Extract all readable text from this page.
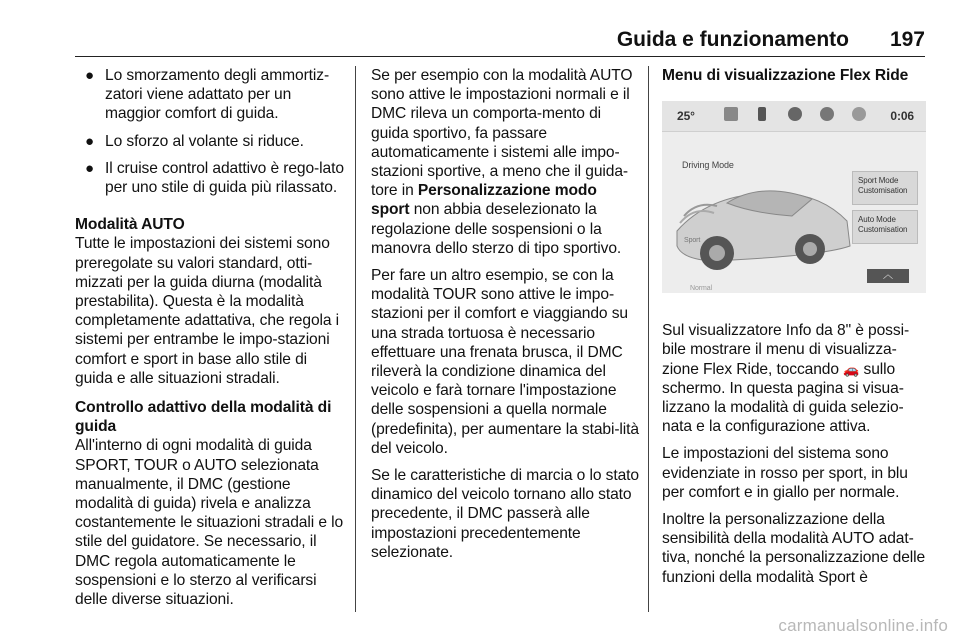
Guida e funzionamento 197
● Lo smorzamento degli ammortiz-zatori viene adattato per un maggior comfort di guida.
● Lo sforzo al volante si riduce.
● Il cruise control adattivo è rego-lato per uno stile di guida più rilassato.
Modalità AUTO
Tutte le impostazioni dei sistemi sono preregolate su valori standard, otti-mizzati per la guida diurna (modalità prestabilita). Questa è la modalità completamente adattativa, che regola i sistemi per entrambe le impo-stazioni comfort e sport in base allo stile di guida e alle situazioni stradali.
Controllo adattivo della modalità di guida
All'interno di ogni modalità di guida SPORT, TOUR o AUTO selezionata manualmente, il DMC (gestione modalità di guida) rivela e analizza costantemente le situazioni stradali e lo stile del guidatore. Se necessario, il DMC regola automaticamente le sospensioni e lo sterzo al verificarsi delle diverse situazioni.
Se per esempio con la modalità AUTO sono attive le impostazioni normali e il DMC rileva un comporta-mento di guida sportivo, fa passare automaticamente i sistemi alle impo-stazioni sportive, a meno che il guida-tore in Personalizzazione modo sport non abbia deselezionato la regolazione delle sospensioni o la manovra dello sterzo di tipo sportivo.
Per fare un altro esempio, se con la modalità TOUR sono attive le impo-stazioni per il comfort e viaggiando su una strada tortuosa è necessario effettuare una frenata brusca, il DMC rileverà la condizione dinamica del veicolo e farà tornare l'impostazione delle sospensioni a quella normale (predefinita), per aumentare la stabi-lità del veicolo.
Se le caratteristiche di marcia o lo stato dinamico del veicolo tornano allo stato precedente, il DMC passerà alle impostazioni precedentemente selezionate.
Menu di visualizzazione Flex Ride
25°	0:06
Driving Mode
Sport
Normal
Sport Mode Customisation
Auto Mode Customisation
︿
Sul visualizzatore Info da 8" è possi-bile mostrare il menu di visualizza-zione Flex Ride, toccando 🚗 sullo schermo. In questa pagina si visua-lizzano la modalità di guida selezio-nata e la configurazione attiva.
Le impostazioni del sistema sono evidenziate in rosso per sport, in blu per comfort e in giallo per normale.
Inoltre la personalizzazione della sensibilità della modalità AUTO adat-tiva, nonché la personalizzazione delle funzioni della modalità Sport è
carmanualsonline.info
